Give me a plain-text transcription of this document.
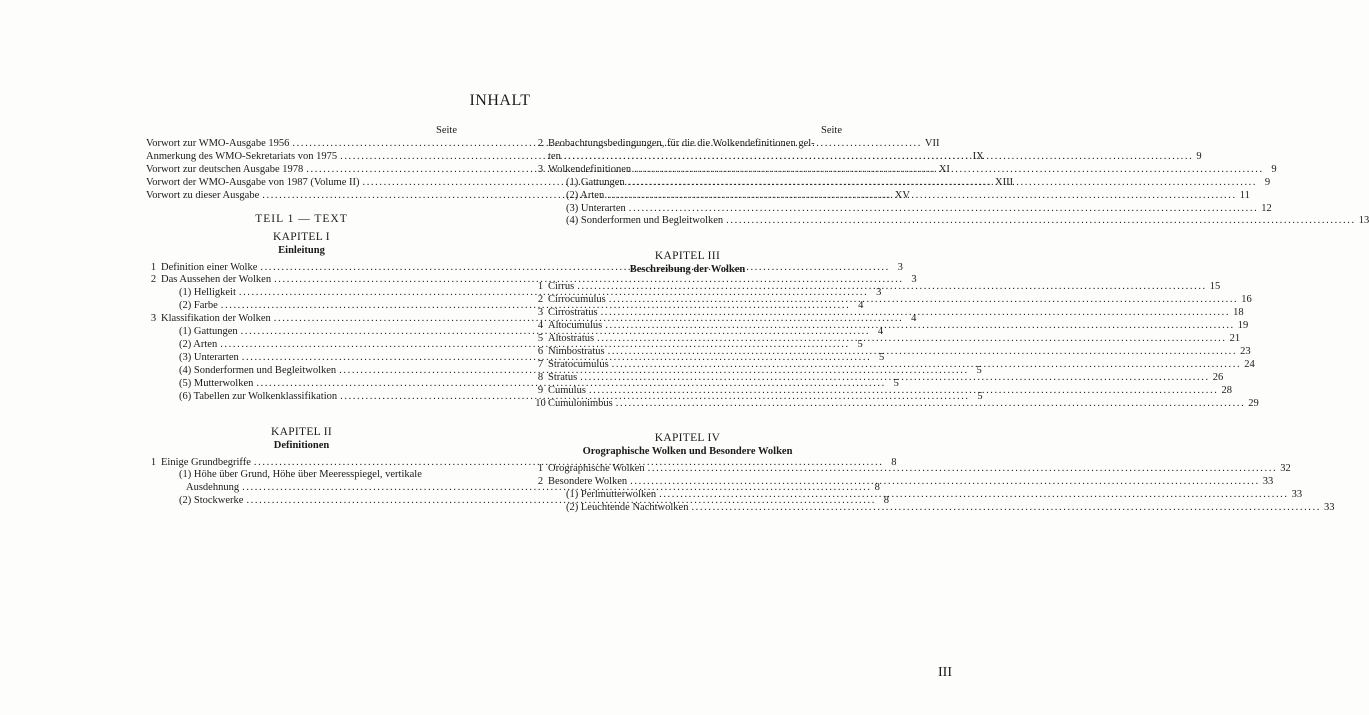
INHALT
Seite
Vorwort zur WMO-Ausgabe 1956 .....	VII
Anmerkung des WMO-Sekretariats von 1975 .....	IX
Vorwort zur deutschen Ausgabe 1978 .....	XI
Vorwort der WMO-Ausgabe von 1987 (Volume II) .....	XIII
Vorwort zu dieser Ausgabe .....	XV
TEIL 1 — TEXT
KAPITEL I
Einleitung
1 Definition einer Wolke .....	3
2 Das Aussehen der Wolken .....	3
(1) Helligkeit .....	3
(2) Farbe .....	4
3 Klassifikation der Wolken .....	4
(1) Gattungen .....	4
(2) Arten .....	5
(3) Unterarten .....	5
(4) Sonderformen und Begleitwolken .....	5
(5) Mutterwolken .....	5
(6) Tabellen zur Wolkenklassifikation .....	5
KAPITEL II
Definitionen
1 Einige Grundbegriffe .....	8
(1) Höhe über Grund, Höhe über Meeresspiegel, vertikale
Ausdehnung .....	8
(2) Stockwerke .....	8
Seite
2 Beobachtungsbedingungen, für die die Wolkendefinitionen gel-
ten .....	9
3 Wolkendefinitionen .....	9
(1) Gattungen .....	9
(2) Arten .....	11
(3) Unterarten .....	12
(4) Sonderformen und Begleitwolken .....	13
KAPITEL III
Beschreibung der Wolken
1 Cirrus .....	15
2 Cirrocumulus .....	16
3 Cirrostratus .....	18
4 Altocumulus .....	19
5 Altostratus .....	21
6 Nimbostratus .....	23
7 Stratocumulus .....	24
8 Stratus .....	26
9 Cumulus .....	28
10 Cumulonimbus .....	29
KAPITEL IV
Orographische Wolken und Besondere Wolken
1 Orographische Wolken .....	32
2 Besondere Wolken .....	33
(1) Perlmutterwolken .....	33
(2) Leuchtende Nachtwolken .....	33
III
